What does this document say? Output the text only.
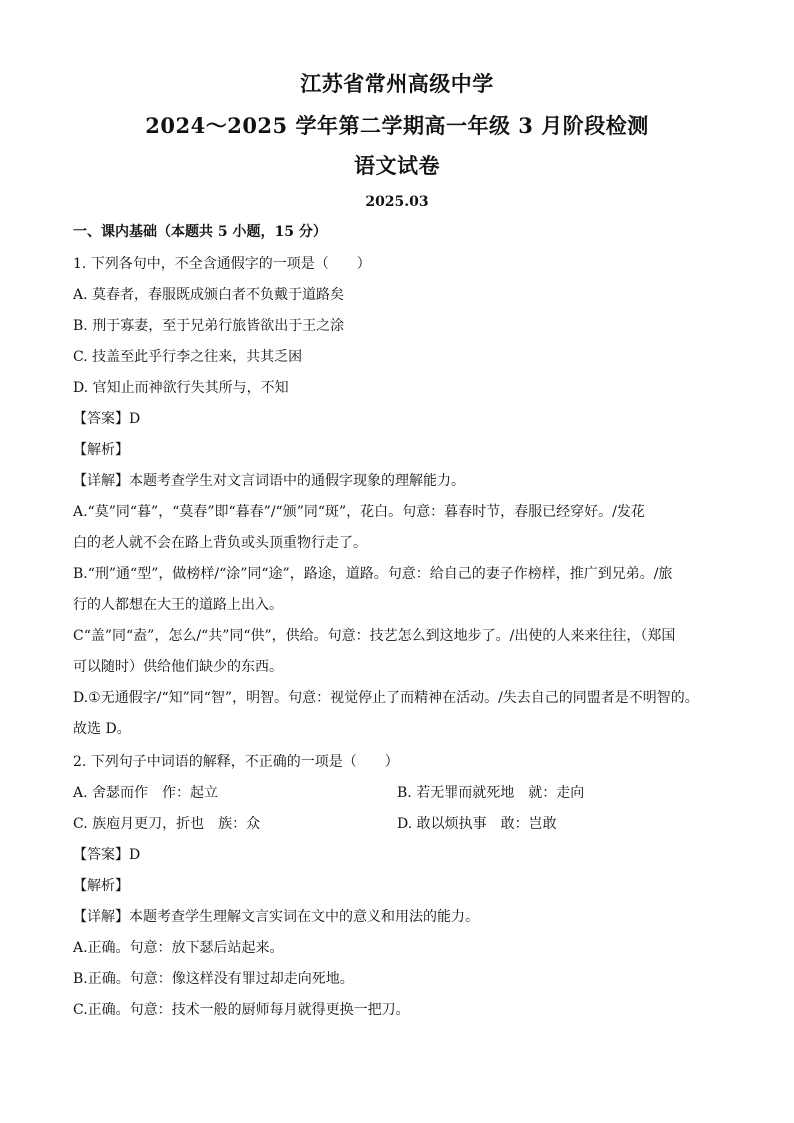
江苏省常州高级中学
2024～2025 学年第二学期高一年级 3 月阶段检测
语文试卷
2025.03
一、课内基础（本题共 5 小题，15 分）
1. 下列各句中，不全含通假字的一项是（　　）
A. 莫春者，春服既成颁白者不负戴于道路矣
B. 刑于寡妻，至于兄弟行旅皆欲出于王之涂
C. 技盖至此乎行李之往来，共其乏困
D. 官知止而神欲行失其所与，不知
【答案】D
【解析】
【详解】本题考查学生对文言词语中的通假字现象的理解能力。
A.“莫”同“暮”，“莫春”即“暮春”/“颁”同“斑”，花白。句意：暮春时节，春服已经穿好。/发花
白的老人就不会在路上背负或头顶重物行走了。
B.“刑”通“型”，做榜样/“涂”同“途”，路途，道路。句意：给自己的妻子作榜样，推广到兄弟。/旅
行的人都想在大王的道路上出入。
C“盖”同“盍”，怎么/“共”同“供”，供给。句意：技艺怎么到这地步了。/出使的人来来往往，（郑国
可以随时）供给他们缺少的东西。
D.①无通假字/“知”同“智”，明智。句意：视觉停止了而精神在活动。/失去自己的同盟者是不明智的。
故选 D。
2. 下列句子中词语的解释，不正确的一项是（　　）
A. 舍瑟而作　作：起立	B. 若无罪而就死地　就：走向
C. 族庖月更刀，折也　族：众	D. 敢以烦执事　敢：岂敢
【答案】D
【解析】
【详解】本题考查学生理解文言实词在文中的意义和用法的能力。
A.正确。句意：放下瑟后站起来。
B.正确。句意：像这样没有罪过却走向死地。
C.正确。句意：技术一般的厨师每月就得更换一把刀。
